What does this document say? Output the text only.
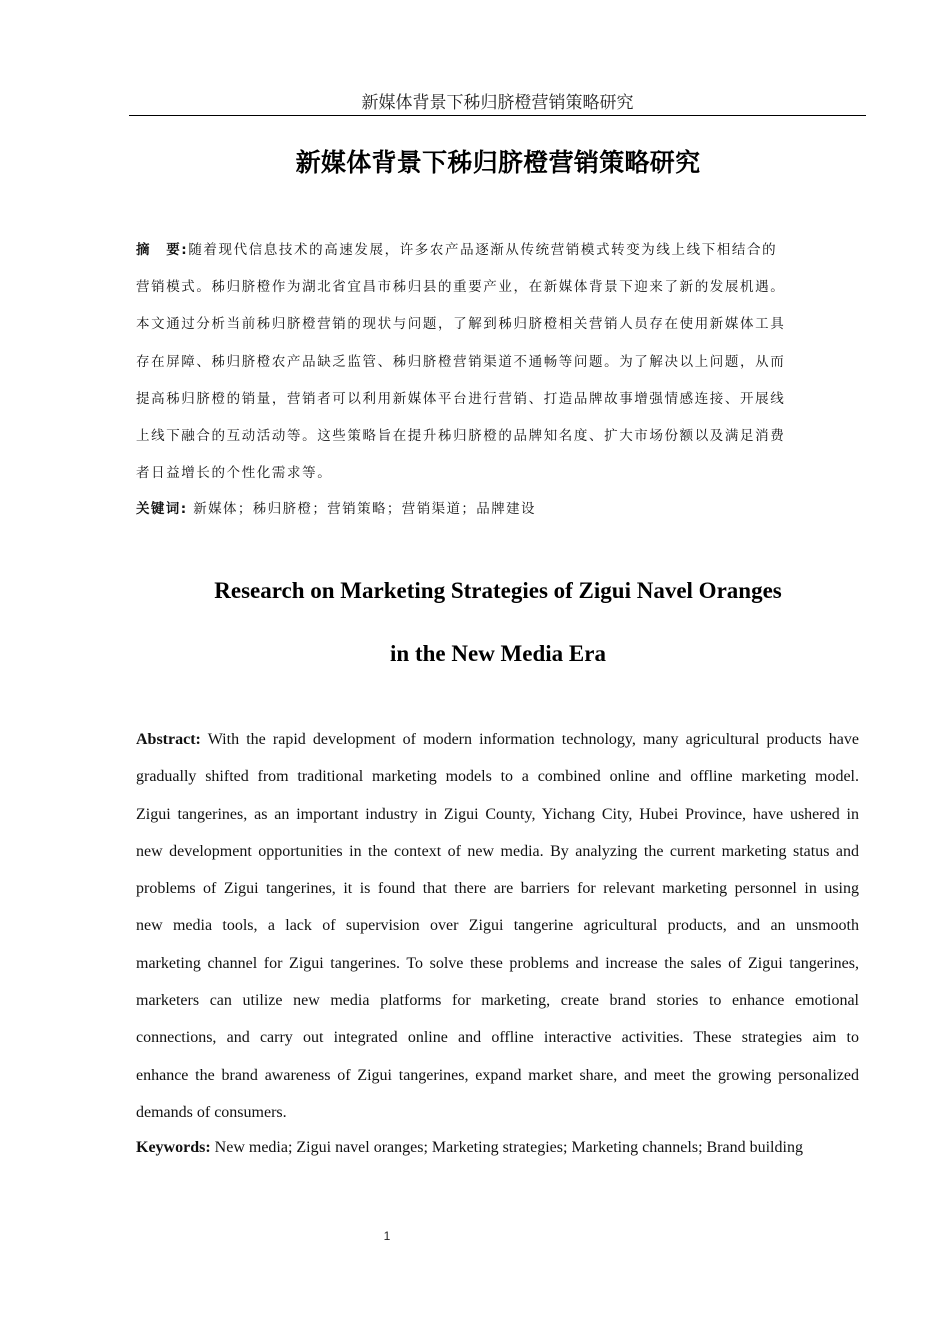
新媒体背景下秭归脐橙营销策略研究
新媒体背景下秭归脐橙营销策略研究
摘　要:随着现代信息技术的高速发展，许多农产品逐渐从传统营销模式转变为线上线下相结合的
营销模式。秭归脐橙作为湖北省宜昌市秭归县的重要产业，在新媒体背景下迎来了新的发展机遇。
本文通过分析当前秭归脐橙营销的现状与问题，了解到秭归脐橙相关营销人员存在使用新媒体工具
存在屏障、秭归脐橙农产品缺乏监管、秭归脐橙营销渠道不通畅等问题。为了解决以上问题，从而
提高秭归脐橙的销量，营销者可以利用新媒体平台进行营销、打造品牌故事增强情感连接、开展线
上线下融合的互动活动等。这些策略旨在提升秭归脐橙的品牌知名度、扩大市场份额以及满足消费
者日益增长的个性化需求等。
关键词: 新媒体；秭归脐橙；营销策略；营销渠道；品牌建设
Research on Marketing Strategies of Zigui Navel Oranges
in the New Media Era
Abstract: With the rapid development of modern information technology, many agricultural products have
gradually shifted from traditional marketing models to a combined online and offline marketing model.
Zigui tangerines, as an important industry in Zigui County, Yichang City, Hubei Province, have ushered in
new development opportunities in the context of new media. By analyzing the current marketing status and
problems of Zigui tangerines, it is found that there are barriers for relevant marketing personnel in using
new media tools, a lack of supervision over Zigui tangerine agricultural products, and an unsmooth
marketing channel for Zigui tangerines. To solve these problems and increase the sales of Zigui tangerines,
marketers can utilize new media platforms for marketing, create brand stories to enhance emotional
connections, and carry out integrated online and offline interactive activities. These strategies aim to
enhance the brand awareness of Zigui tangerines, expand market share, and meet the growing personalized
demands of consumers.
Keywords: New media; Zigui navel oranges; Marketing strategies; Marketing channels; Brand building
1
